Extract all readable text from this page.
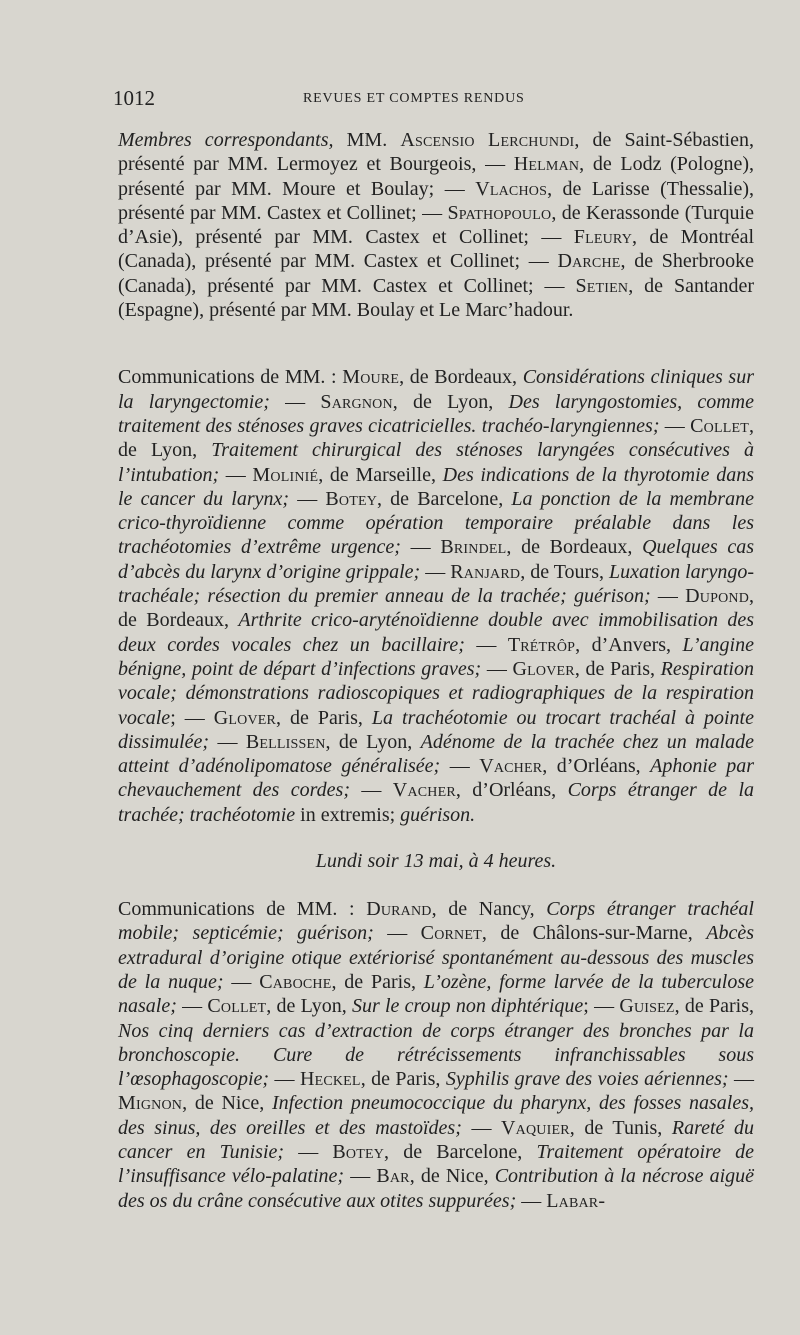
1012	REVUES ET COMPTES RENDUS

Membres correspondants, MM. Ascensio Lerchundi, de Saint-Sébastien, présenté par MM. Lermoyez et Bourgeois, — Helman, de Lodz (Pologne), présenté par MM. Moure et Boulay; — Vlachos, de Larisse (Thessalie), présenté par MM. Castex et Collinet; — Spathopoulo, de Kerassonde (Turquie d’Asie), présenté par MM. Castex et Collinet; — Fleury, de Montréal (Canada), présenté par MM. Castex et Collinet; — Darche, de Sherbrooke (Canada), présenté par MM. Castex et Collinet; — Setien, de Santander (Espagne), présenté par MM. Boulay et Le Marc’hadour.

Communications de MM. : Moure, de Bordeaux, Considérations cliniques sur la laryngectomie; — Sargnon, de Lyon, Des laryngostomies, comme traitement des sténoses graves cicatricielles. trachéo-laryngiennes; — Collet, de Lyon, Traitement chirurgical des sténoses laryngées consécutives à l’intubation; — Molinié, de Marseille, Des indications de la thyrotomie dans le cancer du larynx; — Botey, de Barcelone, La ponction de la membrane crico-thyroïdienne comme opération temporaire préalable dans les trachéotomies d’extrême urgence; — Brindel, de Bordeaux, Quelques cas d’abcès du larynx d’origine grippale; — Ranjard, de Tours, Luxation laryngo-trachéale; résection du premier anneau de la trachée; guérison; — Dupond, de Bordeaux, Arthrite crico-aryténoïdienne double avec immobilisation des deux cordes vocales chez un bacillaire; — Trétrôp, d’Anvers, L’angine bénigne, point de départ d’infections graves; — Glover, de Paris, Respiration vocale; démonstrations radioscopiques et radiographiques de la respiration vocale; — Glover, de Paris, La trachéotomie ou trocart trachéal à pointe dissimulée; — Bellissen, de Lyon, Adénome de la trachée chez un malade atteint d’adénolipomatose généralisée; — Vacher, d’Orléans, Aphonie par chevauchement des cordes; — Vacher, d’Orléans, Corps étranger de la trachée; trachéotomie in extremis; guérison.

Lundi soir 13 mai, à 4 heures.

Communications de MM. : Durand, de Nancy, Corps étranger trachéal mobile; septicémie; guérison; — Cornet, de Châlons-sur-Marne, Abcès extradural d’origine otique extériorisé spontanément au-dessous des muscles de la nuque; — Caboche, de Paris, L’ozène, forme larvée de la tuberculose nasale; — Collet, de Lyon, Sur le croup non diphtérique; — Guisez, de Paris, Nos cinq derniers cas d’extraction de corps étranger des bronches par la bronchoscopie. Cure de rétrécissements infranchissables sous l’œsophagoscopie; — Heckel, de Paris, Syphilis grave des voies aériennes; — Mignon, de Nice, Infection pneumococcique du pharynx, des fosses nasales, des sinus, des oreilles et des mastoïdes; — Vaquier, de Tunis, Rareté du cancer en Tunisie; — Botey, de Barcelone, Traitement opératoire de l’insuffisance vélo-palatine; — Bar, de Nice, Contribution à la nécrose aiguë des os du crâne consécutive aux otites suppurées; — Labar-
